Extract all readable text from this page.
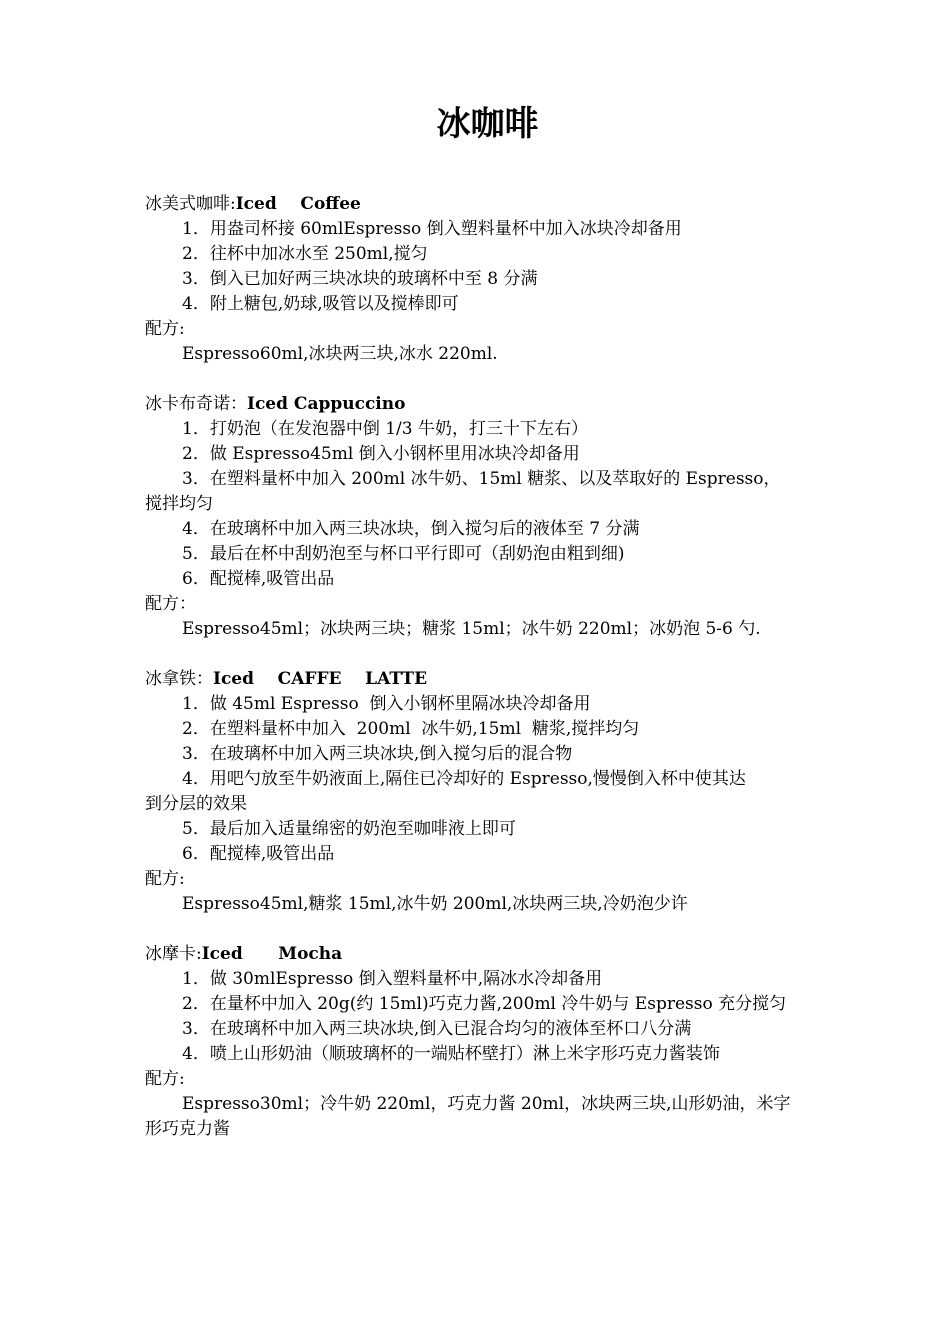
冰咖啡

冰美式咖啡:Iced    Coffee

1．用盎司杯接 60mlEspresso 倒入塑料量杯中加入冰块冷却备用

2．往杯中加冰水至 250ml,搅匀

3．倒入已加好两三块冰块的玻璃杯中至 8 分满

4．附上糖包,奶球,吸管以及搅棒即可

配方:

Espresso60ml,冰块两三块,冰水 220ml.

冰卡布奇诺：Iced Cappuccino

1．打奶泡（在发泡器中倒 1/3 牛奶，打三十下左右）

2．做 Espresso45ml 倒入小钢杯里用冰块冷却备用

3．在塑料量杯中加入 200ml 冰牛奶、15ml 糖浆、以及萃取好的 Espresso，

搅拌均匀

4．在玻璃杯中加入两三块冰块，倒入搅匀后的液体至 7 分满

5．最后在杯中刮奶泡至与杯口平行即可（刮奶泡由粗到细)

6．配搅棒,吸管出品

配方：

Espresso45ml；冰块两三块；糖浆 15ml；冰牛奶 220ml；冰奶泡 5-6 勺.

冰拿铁：Iced    CAFFE    LATTE

1．做 45ml Espresso  倒入小钢杯里隔冰块冷却备用

2．在塑料量杯中加入  200ml  冰牛奶,15ml  糖浆,搅拌均匀

3．在玻璃杯中加入两三块冰块,倒入搅匀后的混合物

4．用吧勺放至牛奶液面上,隔住已冷却好的 Espresso,慢慢倒入杯中使其达

到分层的效果

5．最后加入适量绵密的奶泡至咖啡液上即可

6．配搅棒,吸管出品

配方:

Espresso45ml,糖浆 15ml,冰牛奶 200ml,冰块两三块,冷奶泡少许

冰摩卡:Iced      Mocha

1．做 30mlEspresso 倒入塑料量杯中,隔冰水冷却备用

2．在量杯中加入 20g(约 15ml)巧克力酱,200ml 冷牛奶与 Espresso 充分搅匀

3．在玻璃杯中加入两三块冰块,倒入已混合均匀的液体至杯口八分满

4．喷上山形奶油（顺玻璃杯的一端贴杯壁打）淋上米字形巧克力酱装饰

配方:

Espresso30ml；冷牛奶 220ml，巧克力酱 20ml，冰块两三块,山形奶油，米字

形巧克力酱
